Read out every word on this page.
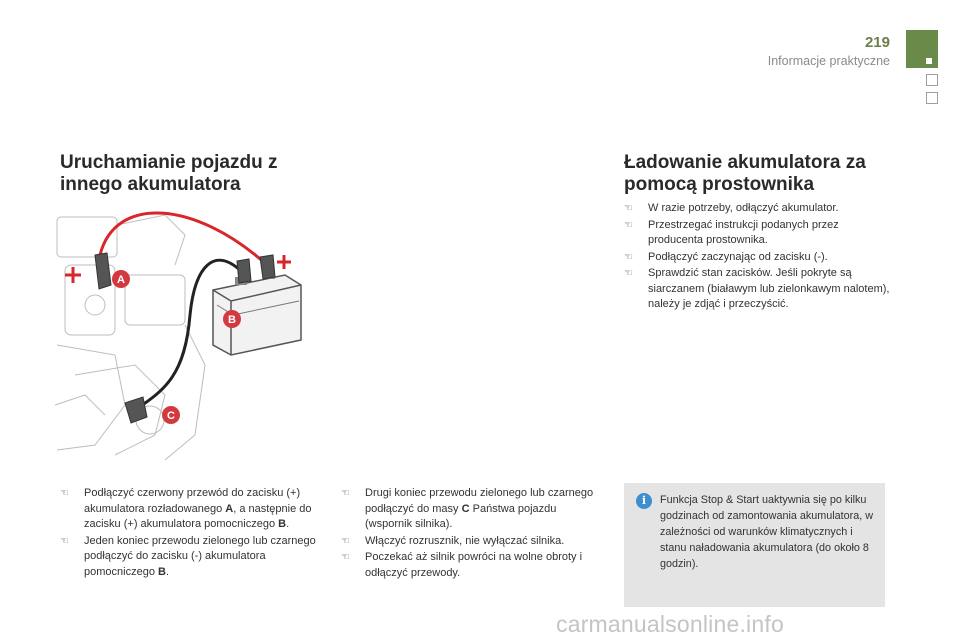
219
Informacje praktyczne
Uruchamianie pojazdu z
innego akumulatora
Ładowanie akumulatora za
pomocą prostownika
☜ W razie potrzeby, odłączyć akumulator.
☜ Przestrzegać instrukcji podanych przez producenta prostownika.
☜ Podłączyć zaczynając od zacisku (-).
☜ Sprawdzić stan zacisków. Jeśli pokryte są siarczanem (białawym lub zielonkawym nalotem), należy je zdjąć i przeczyścić.
A
B
C
☜ Podłączyć czerwony przewód do zacisku (+) akumulatora rozładowanego A, a następnie do zacisku (+) akumulatora pomocniczego B.
☜ Jeden koniec przewodu zielonego lub czarnego podłączyć do zacisku (-) akumulatora pomocniczego B.
☜ Drugi koniec przewodu zielonego lub czarnego podłączyć do masy C Państwa pojazdu (wspornik silnika).
☜ Włączyć rozrusznik, nie wyłączać silnika.
☜ Poczekać aż silnik powróci na wolne obroty i odłączyć przewody.
i	Funkcja Stop & Start uaktywnia się po kilku godzinach od zamontowania akumulatora, w zależności od warunków klimatycznych i stanu naładowania akumulatora (do około 8 godzin).
carmanualsonline.info
